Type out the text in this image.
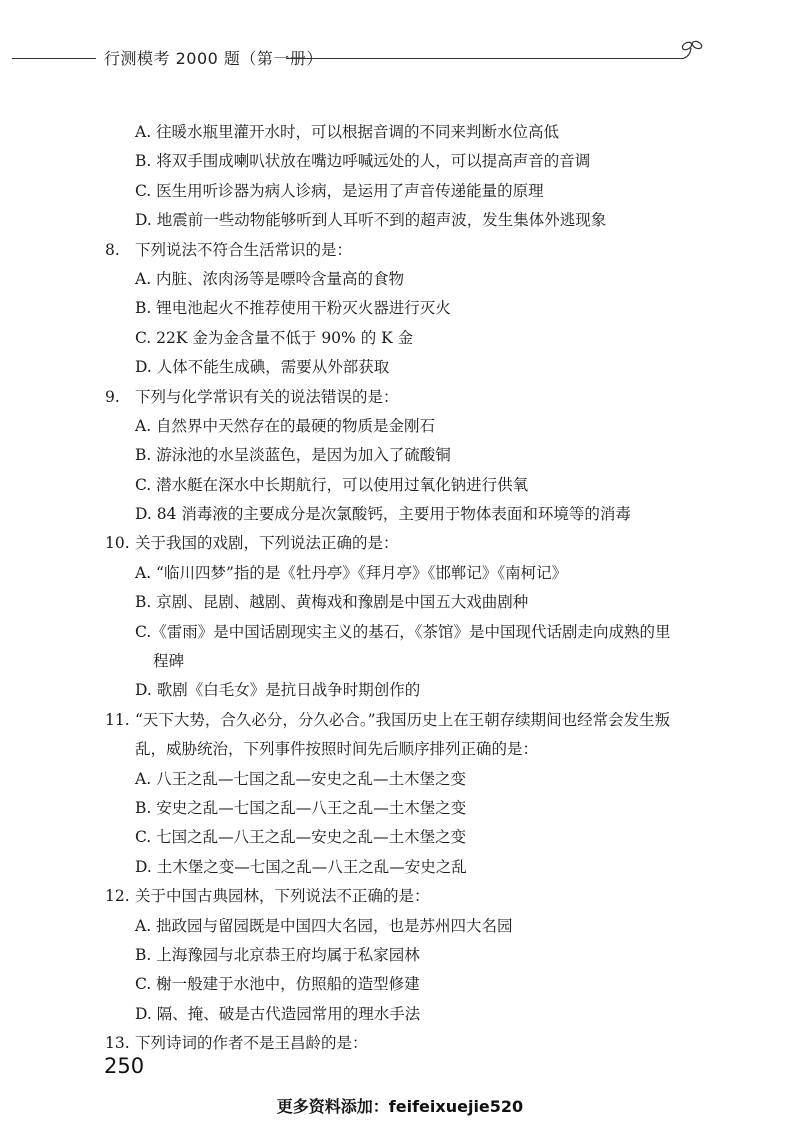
行测模考 2000 题（第一册）
A. 往暖水瓶里灌开水时，可以根据音调的不同来判断水位高低
B. 将双手围成喇叭状放在嘴边呼喊远处的人，可以提高声音的音调
C. 医生用听诊器为病人诊病，是运用了声音传递能量的原理
D. 地震前一些动物能够听到人耳听不到的超声波，发生集体外逃现象
8. 下列说法不符合生活常识的是：
A. 内脏、浓肉汤等是嘌呤含量高的食物
B. 锂电池起火不推荐使用干粉灭火器进行灭火
C. 22K 金为金含量不低于 90% 的 K 金
D. 人体不能生成碘，需要从外部获取
9. 下列与化学常识有关的说法错误的是：
A. 自然界中天然存在的最硬的物质是金刚石
B. 游泳池的水呈淡蓝色，是因为加入了硫酸铜
C. 潜水艇在深水中长期航行，可以使用过氧化钠进行供氧
D. 84 消毒液的主要成分是次氯酸钙，主要用于物体表面和环境等的消毒
10. 关于我国的戏剧，下列说法正确的是：
A. “临川四梦”指的是《牡丹亭》《拜月亭》《邯郸记》《南柯记》
B. 京剧、昆剧、越剧、黄梅戏和豫剧是中国五大戏曲剧种
C.《雷雨》是中国话剧现实主义的基石，《茶馆》是中国现代话剧走向成熟的里
程碑
D. 歌剧《白毛女》是抗日战争时期创作的
11. “天下大势，合久必分，分久必合。”我国历史上在王朝存续期间也经常会发生叛
乱，威胁统治，下列事件按照时间先后顺序排列正确的是：
A. 八王之乱—七国之乱—安史之乱—土木堡之变
B. 安史之乱—七国之乱—八王之乱—土木堡之变
C. 七国之乱—八王之乱—安史之乱—土木堡之变
D. 土木堡之变—七国之乱—八王之乱—安史之乱
12. 关于中国古典园林，下列说法不正确的是：
A. 拙政园与留园既是中国四大名园，也是苏州四大名园
B. 上海豫园与北京恭王府均属于私家园林
C. 榭一般建于水池中，仿照船的造型修建
D. 隔、掩、破是古代造园常用的理水手法
13. 下列诗词的作者不是王昌龄的是：
250
更多资料添加：feifeixuejie520
